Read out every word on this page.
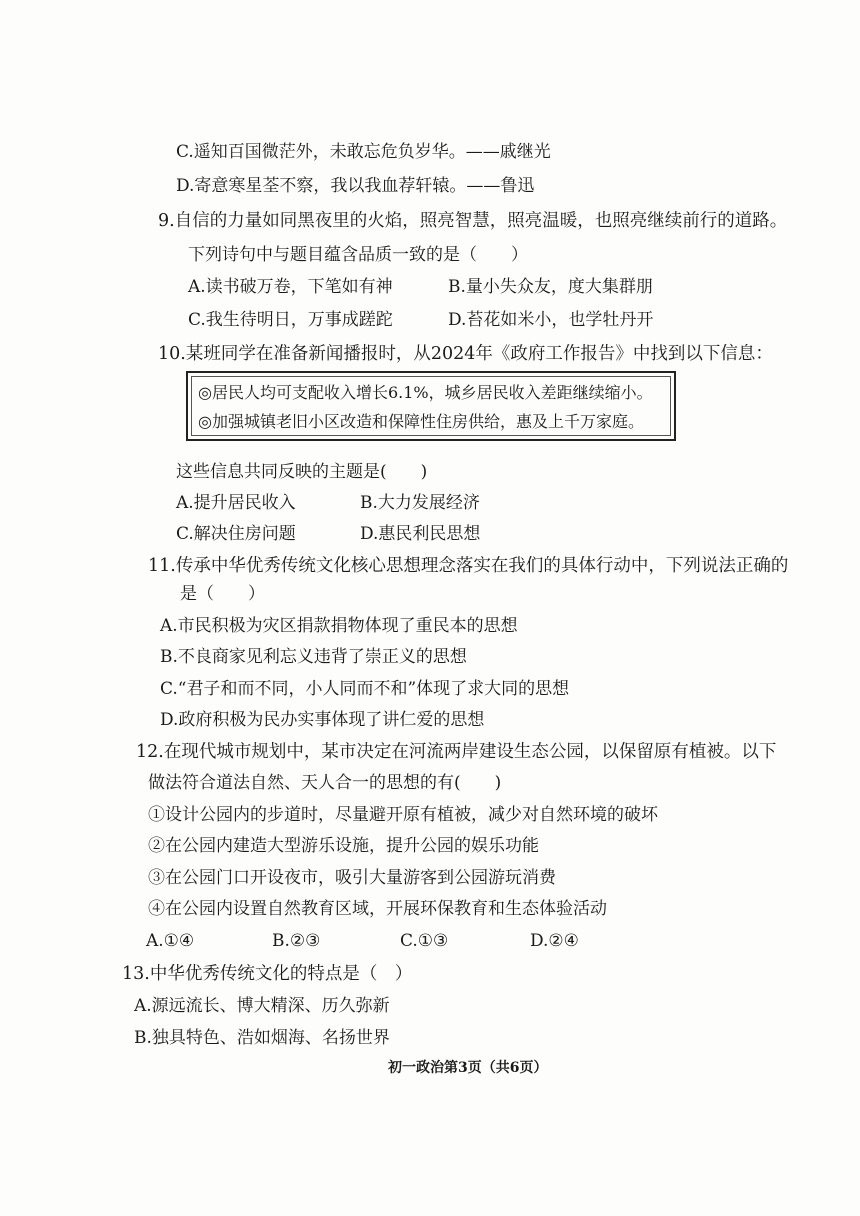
C.遥知百国微茫外，未敢忘危负岁华。——戚继光
D.寄意寒星荃不察，我以我血荐轩辕。——鲁迅
9.自信的力量如同黑夜里的火焰，照亮智慧，照亮温暖，也照亮继续前行的道路。
下列诗句中与题目蕴含品质一致的是（　　）
A.读书破万卷，下笔如有神	B.量小失众友，度大集群朋
C.我生待明日，万事成蹉跎	D.苔花如米小，也学牡丹开
10.某班同学在准备新闻播报时，从2024年《政府工作报告》中找到以下信息：
◎居民人均可支配收入增长6.1%，城乡居民收入差距继续缩小。
◎加强城镇老旧小区改造和保障性住房供给，惠及上千万家庭。
这些信息共同反映的主题是(　　)
A.提升居民收入	B.大力发展经济
C.解决住房问题	D.惠民利民思想
11.传承中华优秀传统文化核心思想理念落实在我们的具体行动中，下列说法正确的
是（　　）
A.市民积极为灾区捐款捐物体现了重民本的思想
B.不良商家见利忘义违背了崇正义的思想
C.“君子和而不同，小人同而不和”体现了求大同的思想
D.政府积极为民办实事体现了讲仁爱的思想
12.在现代城市规划中，某市决定在河流两岸建设生态公园，以保留原有植被。以下
做法符合道法自然、天人合一的思想的有(　　)
①设计公园内的步道时，尽量避开原有植被，减少对自然环境的破坏
②在公园内建造大型游乐设施，提升公园的娱乐功能
③在公园门口开设夜市，吸引大量游客到公园游玩消费
④在公园内设置自然教育区域，开展环保教育和生态体验活动
A.①④	B.②③	C.①③	D.②④
13.中华优秀传统文化的特点是（　）
A.源远流长、博大精深、历久弥新
B.独具特色、浩如烟海、名扬世界
初一政治第3页（共6页）
